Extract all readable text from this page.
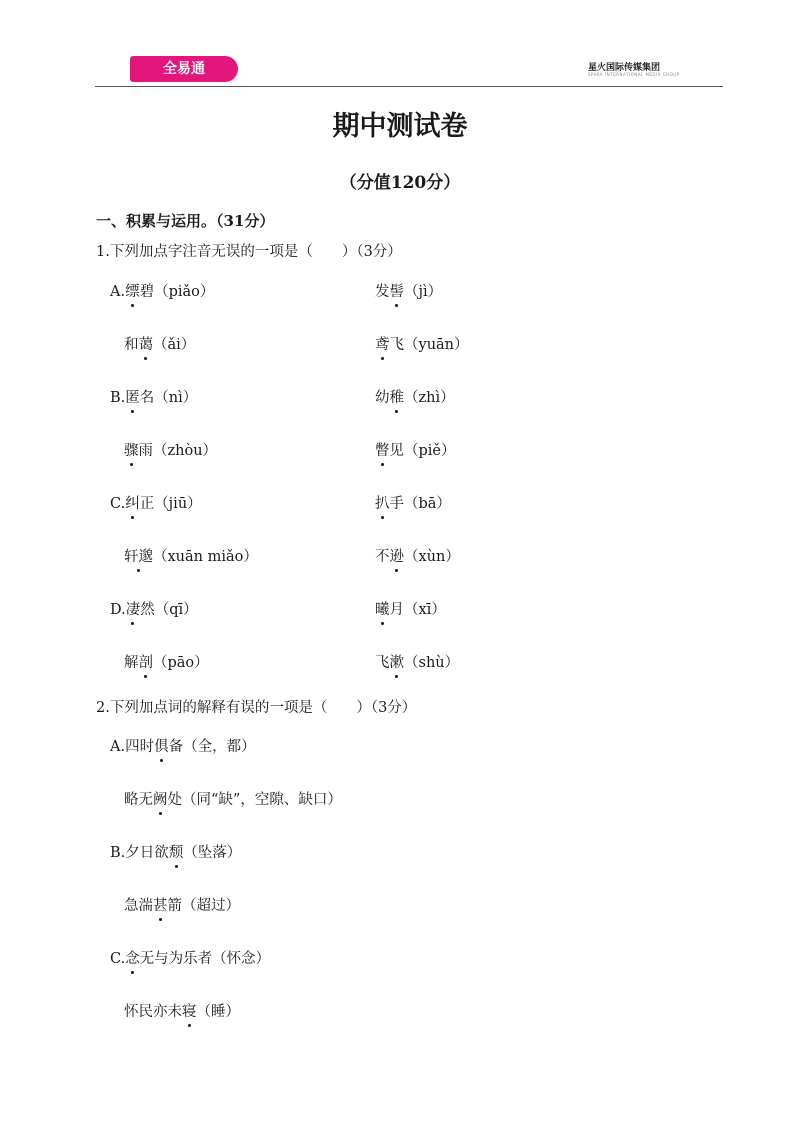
全易通	星火国际传媒集团
SPARK INTERNATIONAL MEDIA GROUP
期中测试卷
（分值120分）
一、积累与运用。（31分）
1.下列加点字注音无误的一项是（　　）（3分）
A.缥碧（piǎo）	发髻（jì）
和蔼（ǎi）	鸢飞（yuān）
B.匿名（nì）	幼稚（zhì）
骤雨（zhòu）	瞥见（piě）
C.纠正（jiū）	扒手（bā）
轩邈（xuān miǎo）	不逊（xùn）
D.凄然（qī）	曦月（xī）
解剖（pāo）	飞漱（shù）
2.下列加点词的解释有误的一项是（　　）（3分）
A.四时俱备（全，都）
略无阙处（同“缺”，空隙、缺口）
B.夕日欲颓（坠落）
急湍甚箭（超过）
C.念无与为乐者（怀念）
怀民亦未寝（睡）
